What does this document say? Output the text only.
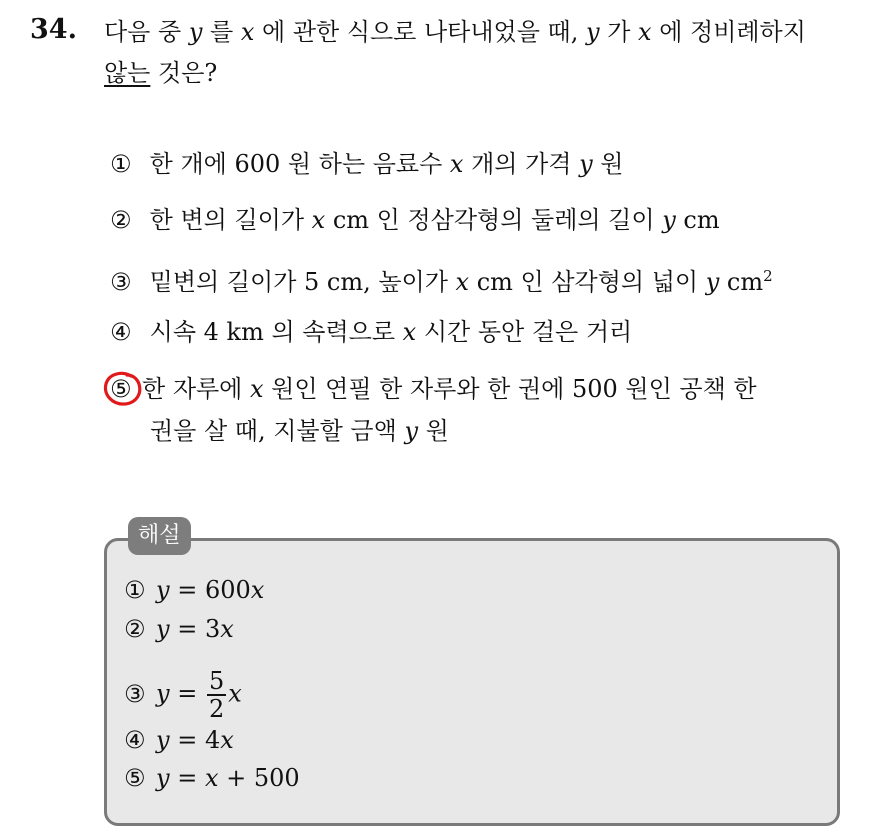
34. 다음 중 y 를 x 에 관한 식으로 나타내었을 때, y 가 x 에 정비례하지
않는 것은?
① 한 개에 600 원 하는 음료수 x 개의 가격 y 원
② 한 변의 길이가 x cm 인 정삼각형의 둘레의 길이 y cm
③ 밑변의 길이가 5 cm, 높이가 x cm 인 삼각형의 넓이 y $cm^2$
④ 시속 4 km 의 속력으로 x 시간 동안 걸은 거리
⑤ 한 자루에 x 원인 연필 한 자루와 한 권에 500 원인 공책 한
권을 살 때, 지불할 금액 y 원
해설
① y = 600x
② y = 3x
③ $y = \frac{5}{2}$ x
④ y = 4x
⑤ y = x + 500
